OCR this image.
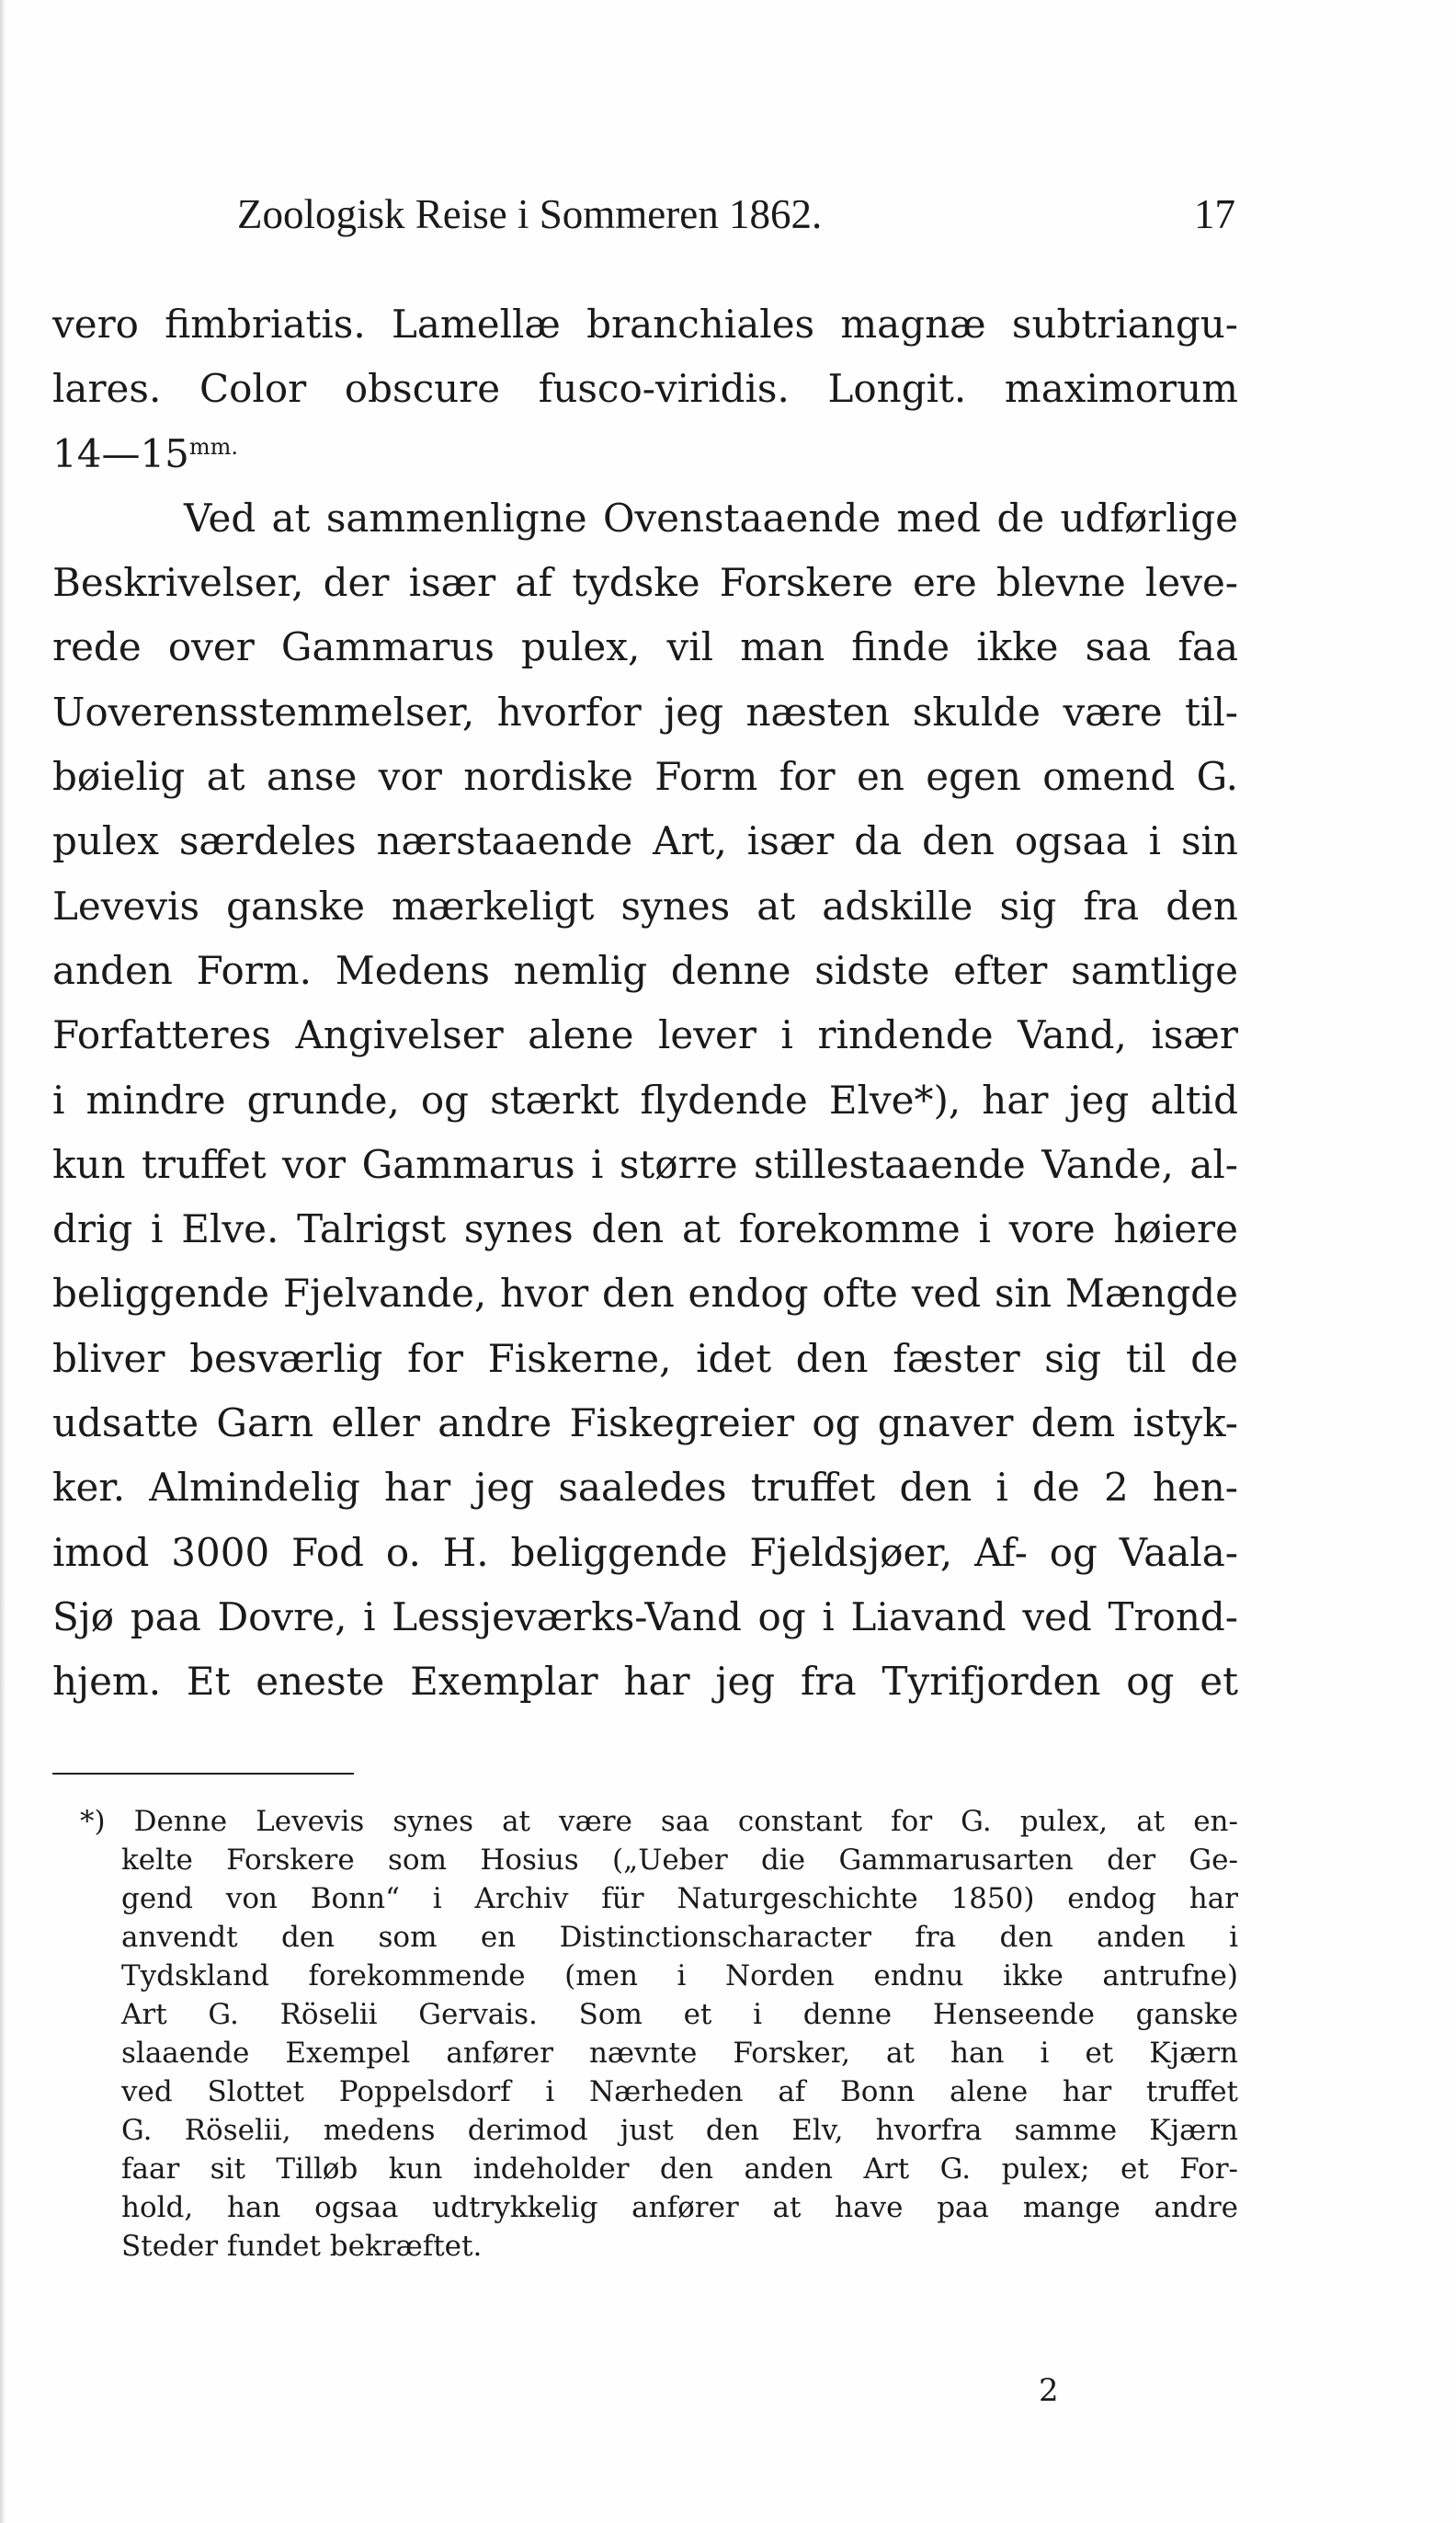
Zoologisk Reise i Sommeren 1862.	17
vero fimbriatis. Lamellæ branchiales magnæ subtriangu-
lares. Color obscure fusco-viridis. Longit. maximorum
$14—15^{mm.}$
Ved at sammenligne Ovenstaaende med de udførlige
Beskrivelser, der især af tydske Forskere ere blevne leve-
rede over Gammarus pulex, vil man finde ikke saa faa
Uoverensstemmelser, hvorfor jeg næsten skulde være til-
bøielig at anse vor nordiske Form for en egen omend G.
pulex særdeles nærstaaende Art, især da den ogsaa i sin
Levevis ganske mærkeligt synes at adskille sig fra den
anden Form. Medens nemlig denne sidste efter samtlige
Forfatteres Angivelser alene lever i rindende Vand, især
i mindre grunde, og stærkt flydende Elve*), har jeg altid
kun truffet vor Gammarus i større stillestaaende Vande, al-
drig i Elve. Talrigst synes den at forekomme i vore høiere
beliggende Fjelvande, hvor den endog ofte ved sin Mængde
bliver besværlig for Fiskerne, idet den fæster sig til de
udsatte Garn eller andre Fiskegreier og gnaver dem istyk-
ker. Almindelig har jeg saaledes truffet den i de 2 hen-
imod 3000 Fod o. H. beliggende Fjeldsjøer, Af- og Vaala-
Sjø paa Dovre, i Lessjeværks-Vand og i Liavand ved Trond-
hjem. Et eneste Exemplar har jeg fra Tyrifjorden og et
*) Denne Levevis synes at være saa constant for G. pulex, at en-
kelte Forskere som Hosius („Ueber die Gammarusarten der Ge-
gend von Bonn“ i Archiv für Naturgeschichte 1850) endog har
anvendt den som en Distinctionscharacter fra den anden i
Tydskland forekommende (men i Norden endnu ikke antrufne)
Art G. Röselii Gervais. Som et i denne Henseende ganske
slaaende Exempel anfører nævnte Forsker, at han i et Kjærn
ved Slottet Poppelsdorf i Nærheden af Bonn alene har truffet
G. Röselii, medens derimod just den Elv, hvorfra samme Kjærn
faar sit Tilløb kun indeholder den anden Art G. pulex; et For-
hold, han ogsaa udtrykkelig anfører at have paa mange andre
Steder fundet bekræftet.
2
